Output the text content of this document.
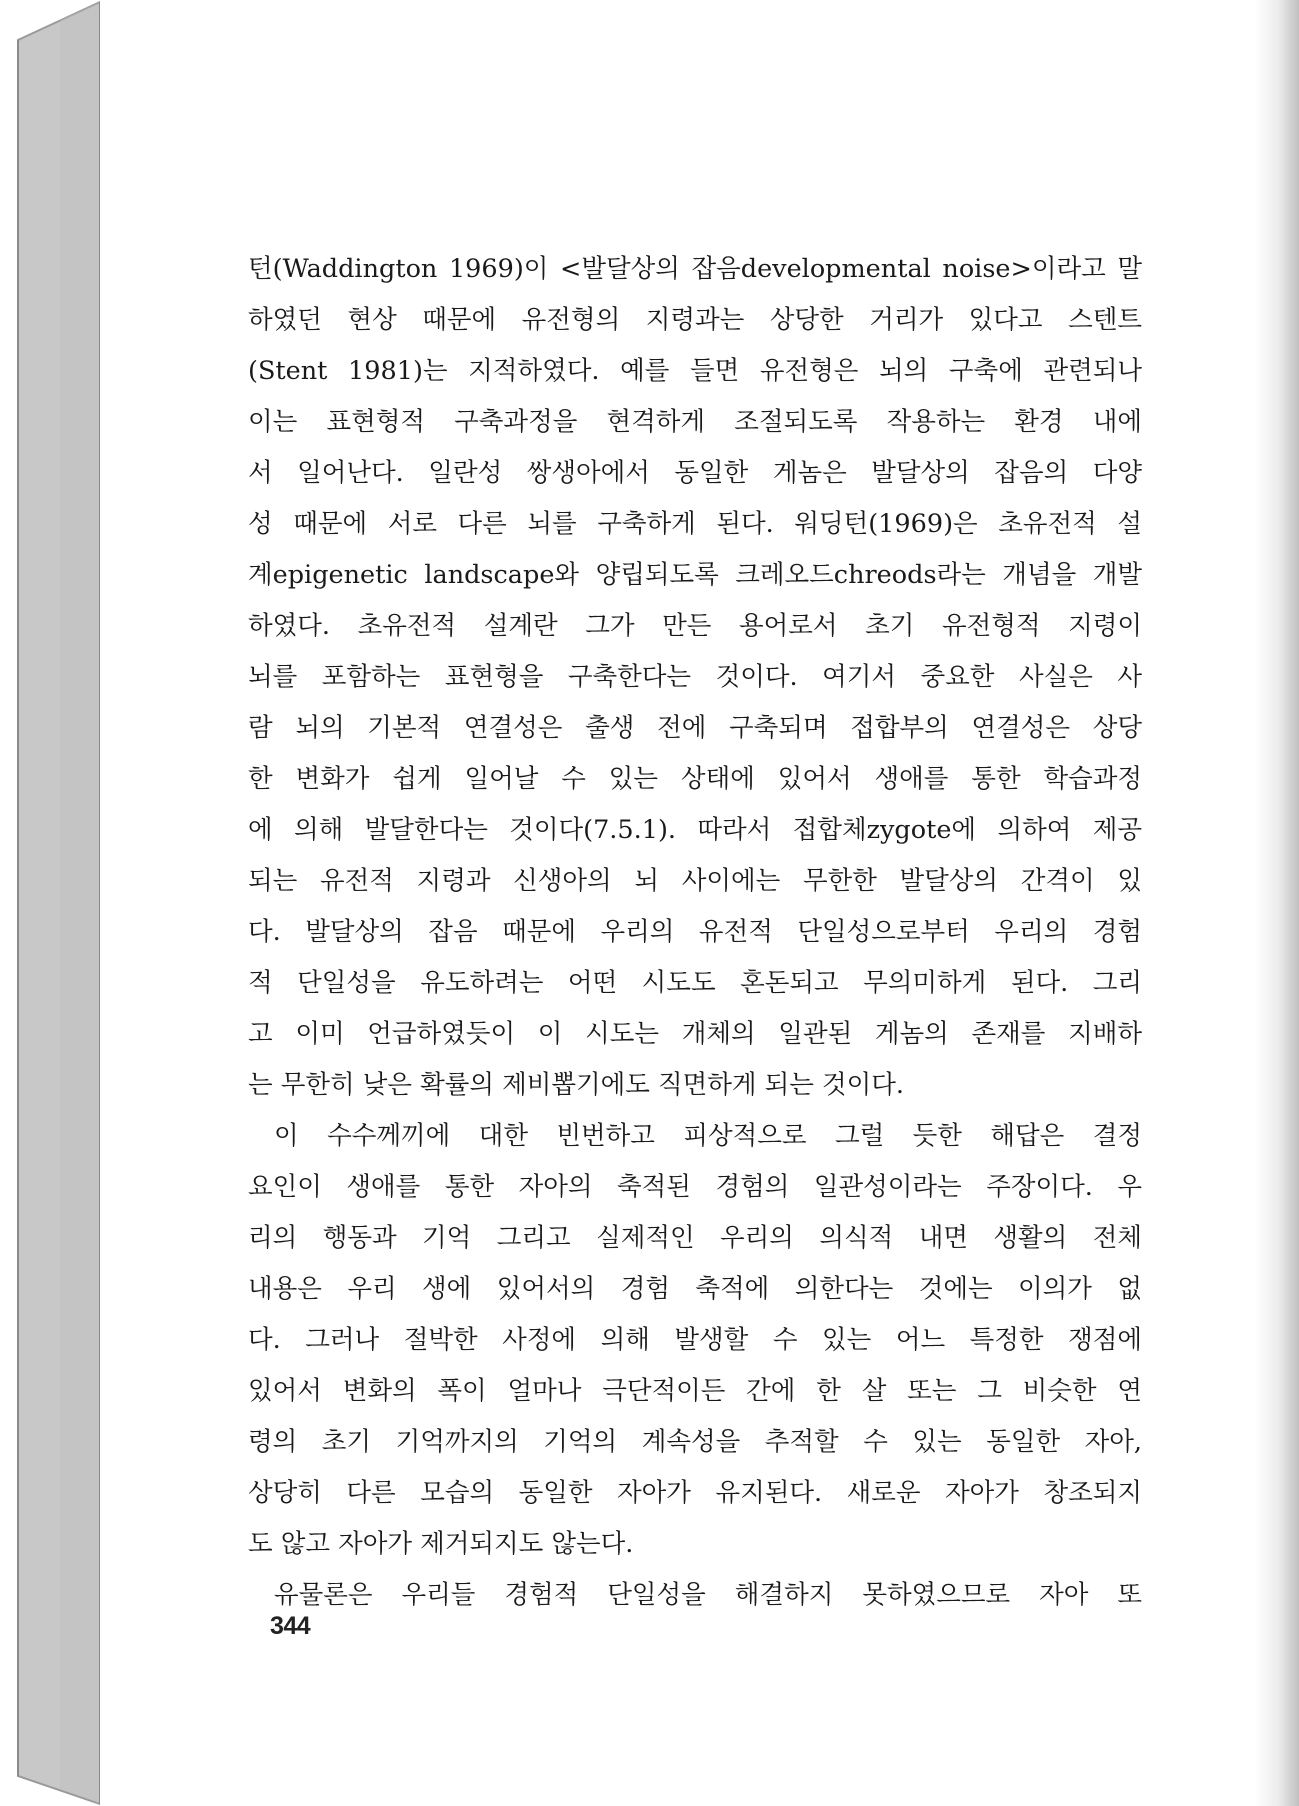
턴(Waddington 1969)이 <발달상의 잡음developmental noise>이라고 말
하였던 현상 때문에 유전형의 지령과는 상당한 거리가 있다고 스텐트
(Stent 1981)는 지적하였다. 예를 들면 유전형은 뇌의 구축에 관련되나
이는 표현형적 구축과정을 현격하게 조절되도록 작용하는 환경 내에
서 일어난다. 일란성 쌍생아에서 동일한 게놈은 발달상의 잡음의 다양
성 때문에 서로 다른 뇌를 구축하게 된다. 워딩턴(1969)은 초유전적 설
계epigenetic landscape와 양립되도록 크레오드chreods라는 개념을 개발
하였다. 초유전적 설계란 그가 만든 용어로서 초기 유전형적 지령이
뇌를 포함하는 표현형을 구축한다는 것이다. 여기서 중요한 사실은 사
람 뇌의 기본적 연결성은 출생 전에 구축되며 접합부의 연결성은 상당
한 변화가 쉽게 일어날 수 있는 상태에 있어서 생애를 통한 학습과정
에 의해 발달한다는 것이다(7.5.1). 따라서 접합체zygote에 의하여 제공
되는 유전적 지령과 신생아의 뇌 사이에는 무한한 발달상의 간격이 있
다. 발달상의 잡음 때문에 우리의 유전적 단일성으로부터 우리의 경험
적 단일성을 유도하려는 어떤 시도도 혼돈되고 무의미하게 된다. 그리
고 이미 언급하였듯이 이 시도는 개체의 일관된 게놈의 존재를 지배하
는 무한히 낮은 확률의 제비뽑기에도 직면하게 되는 것이다.
이 수수께끼에 대한 빈번하고 피상적으로 그럴 듯한 해답은 결정
요인이 생애를 통한 자아의 축적된 경험의 일관성이라는 주장이다. 우
리의 행동과 기억 그리고 실제적인 우리의 의식적 내면 생활의 전체
내용은 우리 생에 있어서의 경험 축적에 의한다는 것에는 이의가 없
다. 그러나 절박한 사정에 의해 발생할 수 있는 어느 특정한 쟁점에
있어서 변화의 폭이 얼마나 극단적이든 간에 한 살 또는 그 비슷한 연
령의 초기 기억까지의 기억의 계속성을 추적할 수 있는 동일한 자아,
상당히 다른 모습의 동일한 자아가 유지된다. 새로운 자아가 창조되지
도 않고 자아가 제거되지도 않는다.
유물론은 우리들 경험적 단일성을 해결하지 못하였으므로 자아 또
344
